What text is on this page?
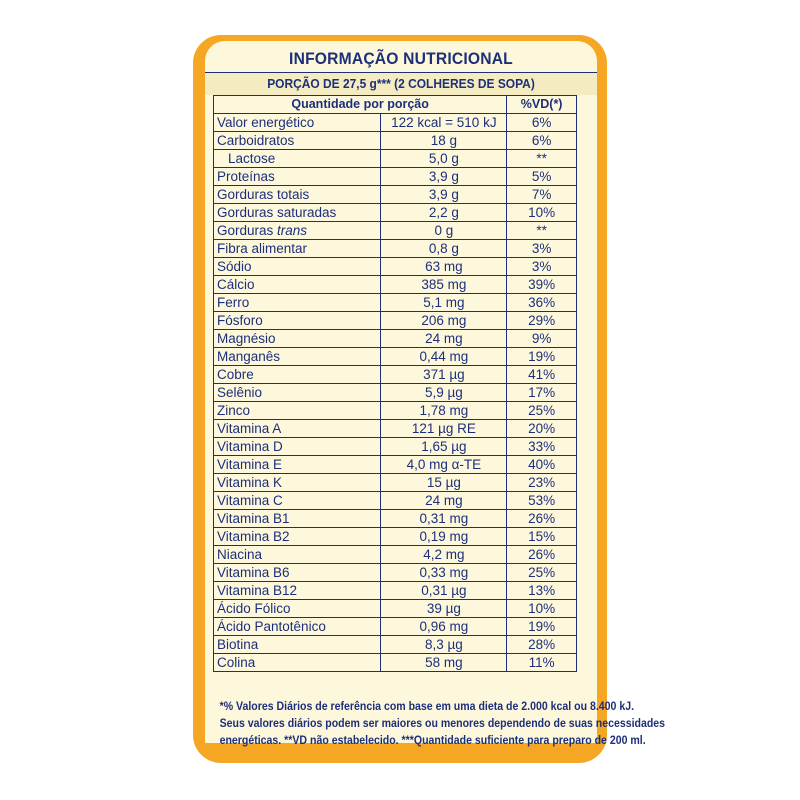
INFORMAÇÃO NUTRICIONAL
PORÇÃO DE 27,5 g*** (2 COLHERES DE SOPA)
Quantidade por porção		%VD(*)
Valor energético	122 kcal = 510 kJ	6%
Carboidratos	18 g	6%
Lactose	5,0 g	**
Proteínas	3,9 g	5%
Gorduras totais	3,9 g	7%
Gorduras saturadas	2,2 g	10%
Gorduras trans	0 g	**
Fibra alimentar	0,8 g	3%
Sódio	63 mg	3%
Cálcio	385 mg	39%
Ferro	5,1 mg	36%
Fósforo	206 mg	29%
Magnésio	24 mg	9%
Manganês	0,44 mg	19%
Cobre	371 µg	41%
Selênio	5,9 µg	17%
Zinco	1,78 mg	25%
Vitamina A	121 µg RE	20%
Vitamina D	1,65 µg	33%
Vitamina E	4,0 mg α-TE	40%
Vitamina K	15 µg	23%
Vitamina C	24 mg	53%
Vitamina B1	0,31 mg	26%
Vitamina B2	0,19 mg	15%
Niacina	4,2 mg	26%
Vitamina B6	0,33 mg	25%
Vitamina B12	0,31 µg	13%
Ácido Fólico	39 µg	10%
Ácido Pantotênico	0,96 mg	19%
Biotina	8,3 µg	28%
Colina	58 mg	11%
*% Valores Diários de referência com base em uma dieta de 2.000 kcal ou 8.400 kJ.
Seus valores diários podem ser maiores ou menores dependendo de suas necessidades
energéticas. **VD não estabelecido. ***Quantidade suficiente para preparo de 200 ml.
